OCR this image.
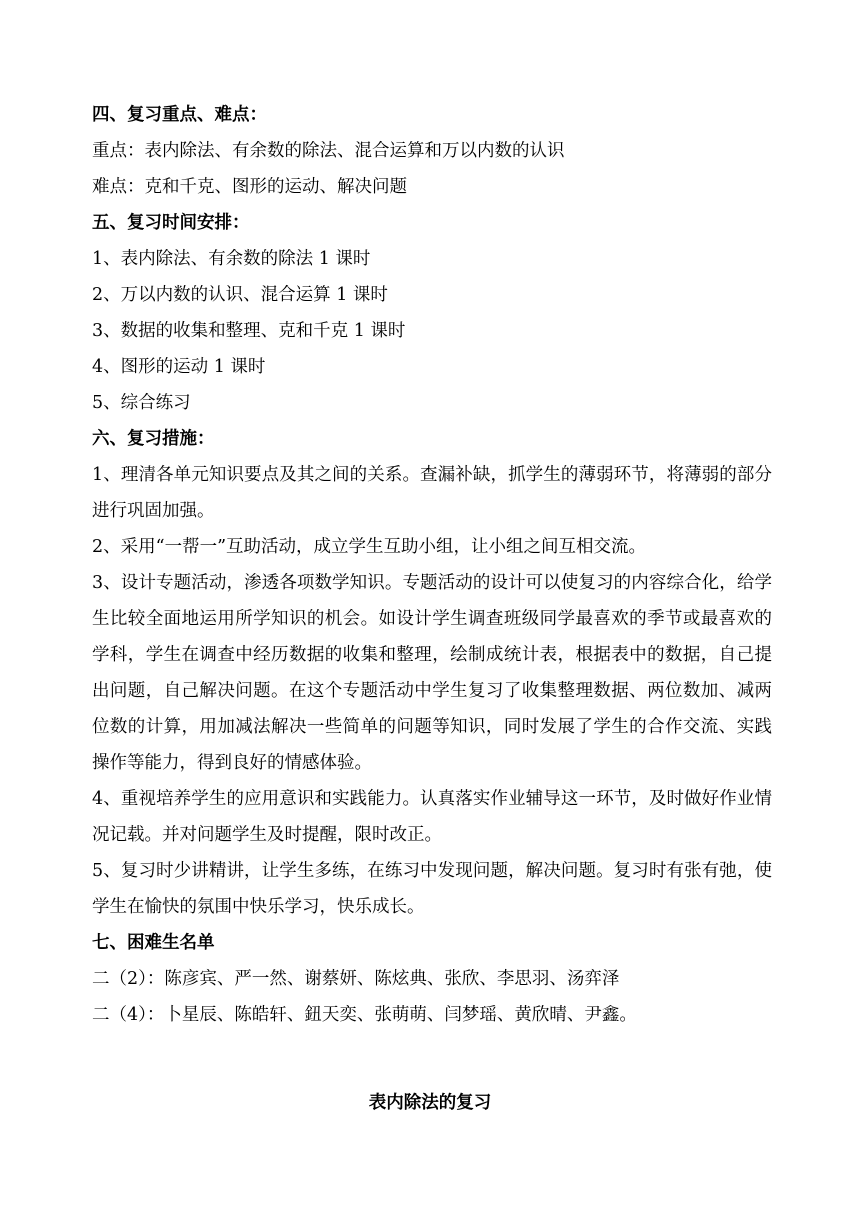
四、复习重点、难点：
重点：表内除法、有余数的除法、混合运算和万以内数的认识
难点：克和千克、图形的运动、解决问题
五、复习时间安排：
1、表内除法、有余数的除法 1 课时
2、万以内数的认识、混合运算 1 课时
3、数据的收集和整理、克和千克 1 课时
4、图形的运动 1 课时
5、综合练习
六、复习措施：
1、理清各单元知识要点及其之间的关系。查漏补缺，抓学生的薄弱环节，将薄弱的部分进行巩固加强。
2、采用“一帮一”互助活动，成立学生互助小组，让小组之间互相交流。
3、设计专题活动，渗透各项数学知识。专题活动的设计可以使复习的内容综合化，给学生比较全面地运用所学知识的机会。如设计学生调查班级同学最喜欢的季节或最喜欢的学科，学生在调查中经历数据的收集和整理，绘制成统计表，根据表中的数据，自己提出问题，自己解决问题。在这个专题活动中学生复习了收集整理数据、两位数加、减两位数的计算，用加减法解决一些简单的问题等知识，同时发展了学生的合作交流、实践操作等能力，得到良好的情感体验。
4、重视培养学生的应用意识和实践能力。认真落实作业辅导这一环节，及时做好作业情况记载。并对问题学生及时提醒，限时改正。
5、复习时少讲精讲，让学生多练，在练习中发现问题，解决问题。复习时有张有弛，使学生在愉快的氛围中快乐学习，快乐成长。
七、困难生名单
二（2）：陈彦宾、严一然、谢蔡妍、陈炫典、张欣、李思羽、汤弈泽
二（4）：卜星辰、陈皓轩、鈕天奕、张萌萌、闫梦瑶、黄欣晴、尹鑫。
表内除法的复习
